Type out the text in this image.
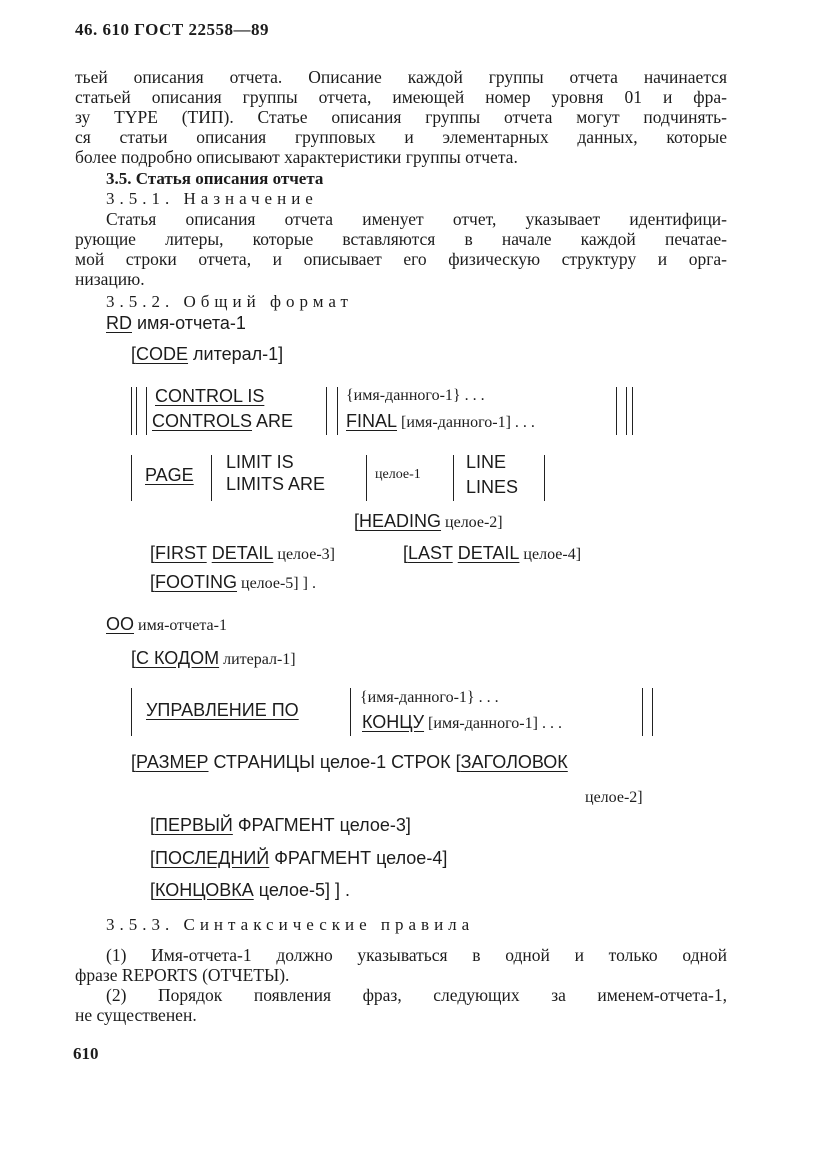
46. 610 ГОСТ 22558—89
тьей описания отчета. Описание каждой группы отчета начинается
статьей описания группы отчета, имеющей номер уровня 01 и фра-
зу TYPE (ТИП). Статье описания группы отчета могут подчинять-
ся статьи описания групповых и элементарных данных, которые
более подробно описывают характеристики группы отчета.
3.5. Статья описания отчета
3.5.1. Назначение
Статья описания отчета именует отчет, указывает идентифици-
рующие литеры, которые вставляются в начале каждой печатае-
мой строки отчета, и описывает его физическую структуру и орга-
низацию.
3.5.2. Общий формат
RD имя-отчета-1
[CODE литерал-1]
CONTROL IS
CONTROLS ARE
{имя-данного-1} . . .
FINAL [имя-данного-1] . . .
PAGE
LIMIT IS
LIMITS ARE	целое-1
LINE
LINES
[HEADING целое-2]
[FIRST DETAIL целое-3]	[LAST DETAIL целое-4]
[FOOTING целое-5] ] .
ОО имя-отчета-1
[С КОДОМ литерал-1]
УПРАВЛЕНИЕ ПО
{имя-данного-1} . . .
КОНЦУ [имя-данного-1] . . .
[РАЗМЕР СТРАНИЦЫ целое-1 СТРОК [ЗАГОЛОВОК
целое-2]
[ПЕРВЫЙ ФРАГМЕНТ целое-3]
[ПОСЛЕДНИЙ ФРАГМЕНТ целое-4]
[КОНЦОВКА целое-5] ] .
3.5.3. Синтаксические правила
(1) Имя-отчета-1 должно указываться в одной и только одной
фразе REPORTS (ОТЧЕТЫ).
(2) Порядок появления фраз, следующих за именем-отчета-1,
не существенен.
610
